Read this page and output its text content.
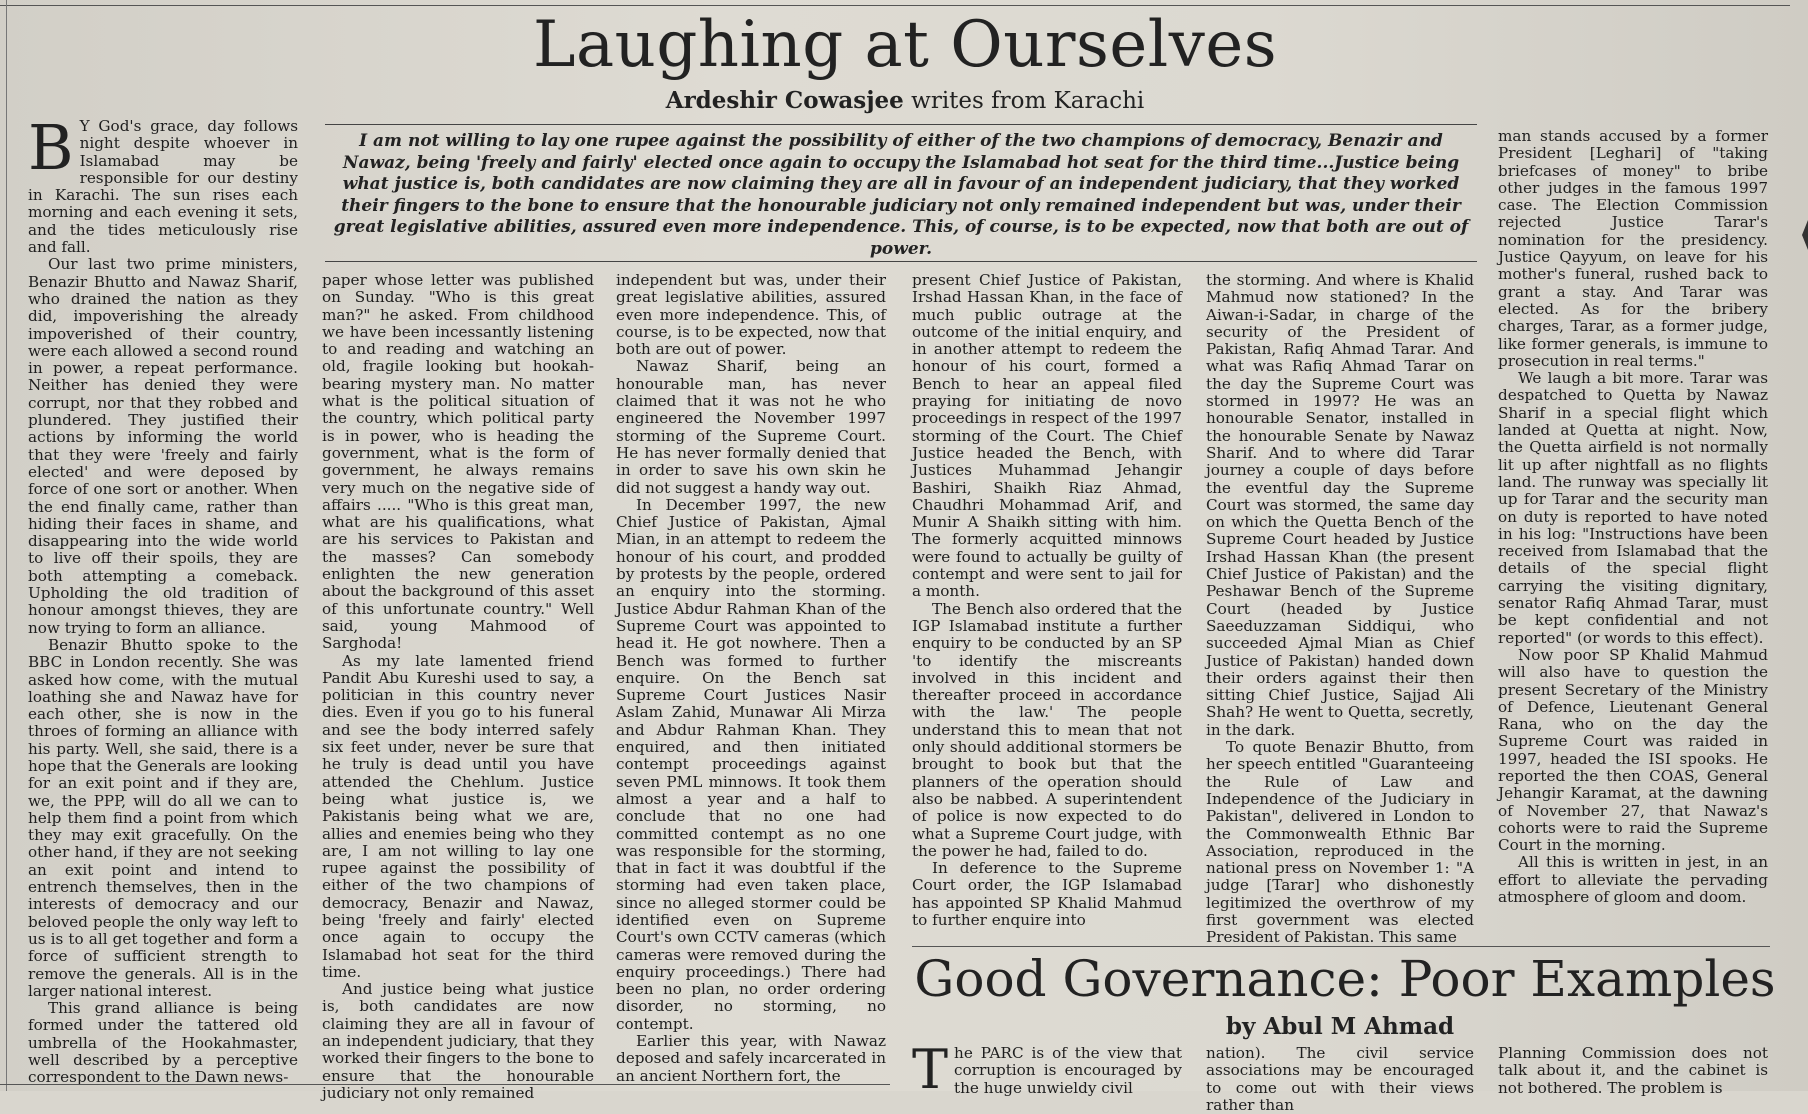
Laughing at Ourselves
Ardeshir Cowasjee writes from Karachi
I am not willing to lay one rupee against the possibility of either of the two champions of democracy, Benazir and Nawaz, being 'freely and fairly' elected once again to occupy the Islamabad hot seat for the third time...Justice being what justice is, both candidates are now claiming they are all in favour of an independent judiciary, that they worked their fingers to the bone to ensure that the honourable judiciary not only remained independent but was, under their great legislative abilities, assured even more independence. This, of course, is to be expected, now that both are out of power.

B Y God's grace, day follows night despite whoever in Islamabad may be responsible for our destiny in Karachi. The sun rises each morning and each evening it sets, and the tides meticulously rise and fall.

Our last two prime ministers, Benazir Bhutto and Nawaz Sharif, who drained the nation as they did, impoverishing the already impoverished of their country, were each allowed a second round in power, a repeat performance. Neither has denied they were corrupt, nor that they robbed and plundered. They justified their actions by informing the world that they were 'freely and fairly elected' and were deposed by force of one sort or another. When the end finally came, rather than hiding their faces in shame, and disappearing into the wide world to live off their spoils, they are both attempting a comeback. Upholding the old tradition of honour amongst thieves, they are now trying to form an alliance.

Benazir Bhutto spoke to the BBC in London recently. She was asked how come, with the mutual loathing she and Nawaz have for each other, she is now in the throes of forming an alliance with his party. Well, she said, there is a hope that the Generals are looking for an exit point and if they are, we, the PPP, will do all we can to help them find a point from which they may exit gracefully. On the other hand, if they are not seeking an exit point and intend to entrench themselves, then in the interests of democracy and our beloved people the only way left to us is to all get together and form a force of sufficient strength to remove the generals. All is in the larger national interest.

This grand alliance is being formed under the tattered old umbrella of the Hookahmaster, well described by a perceptive correspondent to the Dawn news-

paper whose letter was published on Sunday. "Who is this great man?" he asked. From childhood we have been incessantly listening to and reading and watching an old, fragile looking but hookah-bearing mystery man. No matter what is the political situation of the country, which political party is in power, who is heading the government, what is the form of government, he always remains very much on the negative side of affairs ..... "Who is this great man, what are his qualifications, what are his services to Pakistan and the masses? Can somebody enlighten the new generation about the background of this asset of this unfortunate country." Well said, young Mahmood of Sarghoda!

As my late lamented friend Pandit Abu Kureshi used to say, a politician in this country never dies. Even if you go to his funeral and see the body interred safely six feet under, never be sure that he truly is dead until you have attended the Chehlum. Justice being what justice is, we Pakistanis being what we are, allies and enemies being who they are, I am not willing to lay one rupee against the possibility of either of the two champions of democracy, Benazir and Nawaz, being 'freely and fairly' elected once again to occupy the Islamabad hot seat for the third time.

And justice being what justice is, both candidates are now claiming they are all in favour of an independent judiciary, that they worked their fingers to the bone to ensure that the honourable judiciary not only remained

independent but was, under their great legislative abilities, assured even more independence. This, of course, is to be expected, now that both are out of power.

Nawaz Sharif, being an honourable man, has never claimed that it was not he who engineered the November 1997 storming of the Supreme Court. He has never formally denied that in order to save his own skin he did not suggest a handy way out.

In December 1997, the new Chief Justice of Pakistan, Ajmal Mian, in an attempt to redeem the honour of his court, and prodded by protests by the people, ordered an enquiry into the storming. Justice Abdur Rahman Khan of the Supreme Court was appointed to head it. He got nowhere. Then a Bench was formed to further enquire. On the Bench sat Supreme Court Justices Nasir Aslam Zahid, Munawar Ali Mirza and Abdur Rahman Khan. They enquired, and then initiated contempt proceedings against seven PML minnows. It took them almost a year and a half to conclude that no one had committed contempt as no one was responsible for the storming, that in fact it was doubtful if the storming had even taken place, since no alleged stormer could be identified even on Supreme Court's own CCTV cameras (which cameras were removed during the enquiry proceedings.) There had been no plan, no order ordering disorder, no storming, no contempt.

Earlier this year, with Nawaz deposed and safely incarcerated in an ancient Northern fort, the

present Chief Justice of Pakistan, Irshad Hassan Khan, in the face of much public outrage at the outcome of the initial enquiry, and in another attempt to redeem the honour of his court, formed a Bench to hear an appeal filed praying for initiating de novo proceedings in respect of the 1997 storming of the Court. The Chief Justice headed the Bench, with Justices Muhammad Jehangir Bashiri, Shaikh Riaz Ahmad, Chaudhri Mohammad Arif, and Munir A Shaikh sitting with him. The formerly acquitted minnows were found to actually be guilty of contempt and were sent to jail for a month.

The Bench also ordered that the IGP Islamabad institute a further enquiry to be conducted by an SP 'to identify the miscreants involved in this incident and thereafter proceed in accordance with the law.' The people understand this to mean that not only should additional stormers be brought to book but that the planners of the operation should also be nabbed. A superintendent of police is now expected to do what a Supreme Court judge, with the power he had, failed to do.

In deference to the Supreme Court order, the IGP Islamabad has appointed SP Khalid Mahmud to further enquire into

the storming. And where is Khalid Mahmud now stationed? In the Aiwan-i-Sadar, in charge of the security of the President of Pakistan, Rafiq Ahmad Tarar. And what was Rafiq Ahmad Tarar on the day the Supreme Court was stormed in 1997? He was an honourable Senator, installed in the honourable Senate by Nawaz Sharif. And to where did Tarar journey a couple of days before the eventful day the Supreme Court was stormed, the same day on which the Quetta Bench of the Supreme Court headed by Justice Irshad Hassan Khan (the present Chief Justice of Pakistan) and the Peshawar Bench of the Supreme Court (headed by Justice Saeeduzzaman Siddiqui, who succeeded Ajmal Mian as Chief Justice of Pakistan) handed down their orders against their then sitting Chief Justice, Sajjad Ali Shah? He went to Quetta, secretly, in the dark.

To quote Benazir Bhutto, from her speech entitled "Guaranteeing the Rule of Law and Independence of the Judiciary in Pakistan", delivered in London to the Commonwealth Ethnic Bar Association, reproduced in the national press on November 1: "A judge [Tarar] who dishonestly legitimized the overthrow of my first government was elected President of Pakistan. This same

man stands accused by a former President [Leghari] of "taking briefcases of money" to bribe other judges in the famous 1997 case. The Election Commission rejected Justice Tarar's nomination for the presidency. Justice Qayyum, on leave for his mother's funeral, rushed back to grant a stay. And Tarar was elected. As for the bribery charges, Tarar, as a former judge, like former generals, is immune to prosecution in real terms."

We laugh a bit more. Tarar was despatched to Quetta by Nawaz Sharif in a special flight which landed at Quetta at night. Now, the Quetta airfield is not normally lit up after nightfall as no flights land. The runway was specially lit up for Tarar and the security man on duty is reported to have noted in his log: "Instructions have been received from Islamabad that the details of the special flight carrying the visiting dignitary, senator Rafiq Ahmad Tarar, must be kept confidential and not reported" (or words to this effect).

Now poor SP Khalid Mahmud will also have to question the present Secretary of the Ministry of Defence, Lieutenant General Rana, who on the day the Supreme Court was raided in 1997, headed the ISI spooks. He reported the then COAS, General Jehangir Karamat, at the dawning of November 27, that Nawaz's cohorts were to raid the Supreme Court in the morning.

All this is written in jest, in an effort to alleviate the pervading atmosphere of gloom and doom.

Good Governance: Poor Examples
by Abul M Ahmad
The PARC is of the view that corruption is encouraged by the huge unwieldy civil
nation). The civil service associations may be encouraged to come out with their views rather than
Planning Commission does not talk about it, and the cabinet is not bothered. The problem is
